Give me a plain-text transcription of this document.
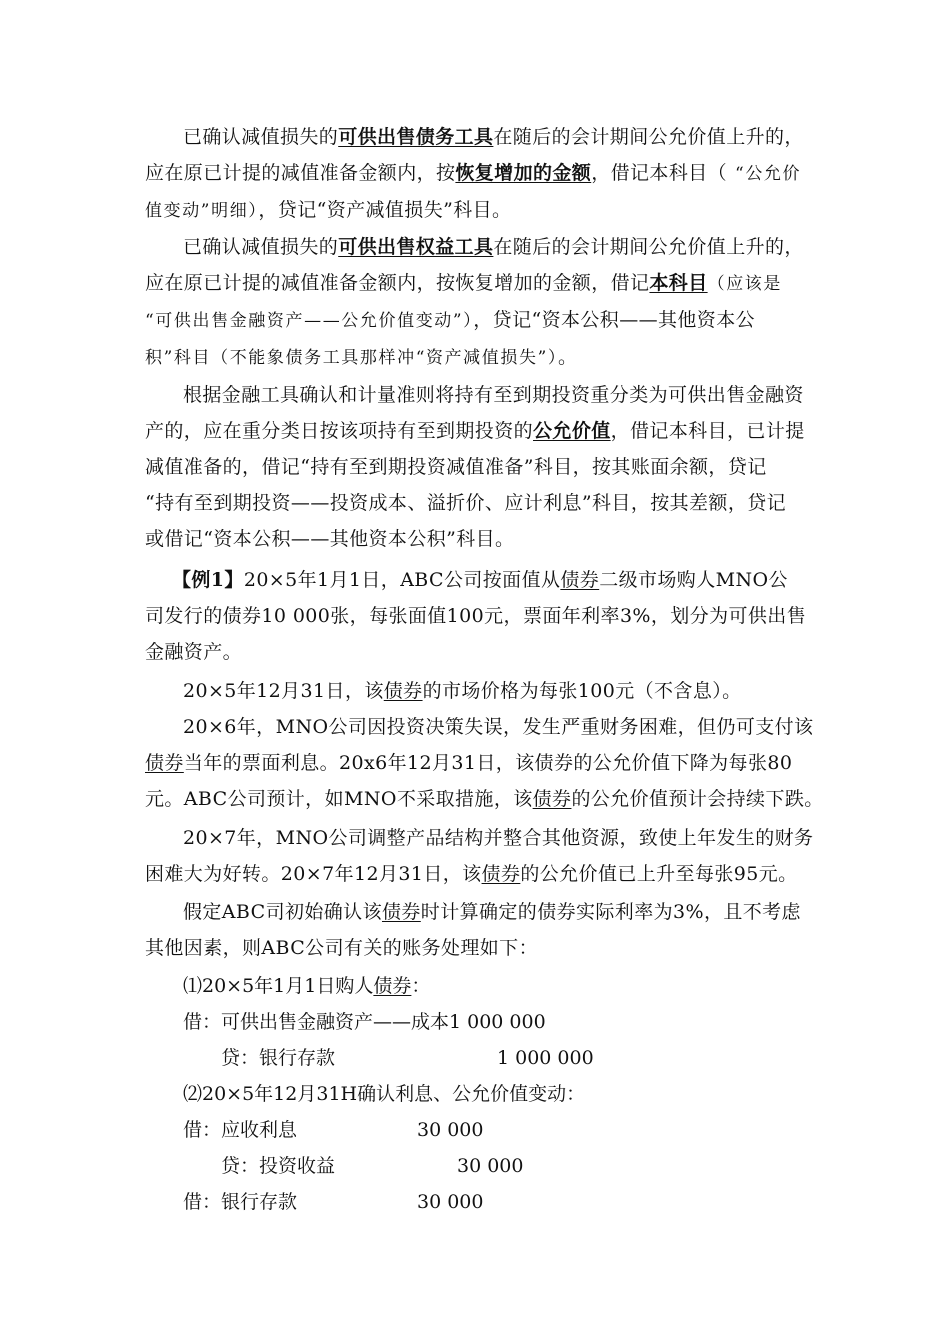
已确认减值损失的可供出售债务工具在随后的会计期间公允价值上升的，
应在原已计提的减值准备金额内，按恢复增加的金额，借记本科目（ “公允价
值变动”明细），贷记“资产减值损失”科目。
已确认减值损失的可供出售权益工具在随后的会计期间公允价值上升的，
应在原已计提的减值准备金额内，按恢复增加的金额，借记本科目（应该是
“可供出售金融资产——公允价值变动”），贷记“资本公积——其他资本公
积”科目（不能象债务工具那样冲“资产减值损失”）。
根据金融工具确认和计量准则将持有至到期投资重分类为可供出售金融资
产的，应在重分类日按该项持有至到期投资的公允价值，借记本科目，已计提
减值准备的，借记“持有至到期投资减值准备”科目，按其账面余额，贷记
“持有至到期投资——投资成本、溢折价、应计利息”科目，按其差额，贷记
或借记“资本公积——其他资本公积”科目。
【例1】20×5年1月1日，ABC公司按面值从债券二级市场购人MNO公
司发行的债券10 000张，每张面值100元，票面年利率3%，划分为可供出售
金融资产。
20×5年12月31日，该债券的市场价格为每张100元（不含息）。
20×6年，MNO公司因投资决策失误，发生严重财务困难，但仍可支付该
债券当年的票面利息。20x6年12月31日，该债券的公允价值下降为每张80
元。ABC公司预计，如MNO不采取措施，该债券的公允价值预计会持续下跌。
20×7年，MNO公司调整产品结构并整合其他资源，致使上年发生的财务
困难大为好转。20×7年12月31日，该债券的公允价值已上升至每张95元。
假定ABC司初始确认该债券时计算确定的债券实际利率为3%，且不考虑
其他因素，则ABC公司有关的账务处理如下：
⑴20×5年1月1日购人债券：
借：可供出售金融资产——成本1 000 000
贷：银行存款	1 000 000
⑵20×5年12月31H确认利息、公允价值变动：
借：应收利息	30 000
贷：投资收益	30 000
借：银行存款	30 000
